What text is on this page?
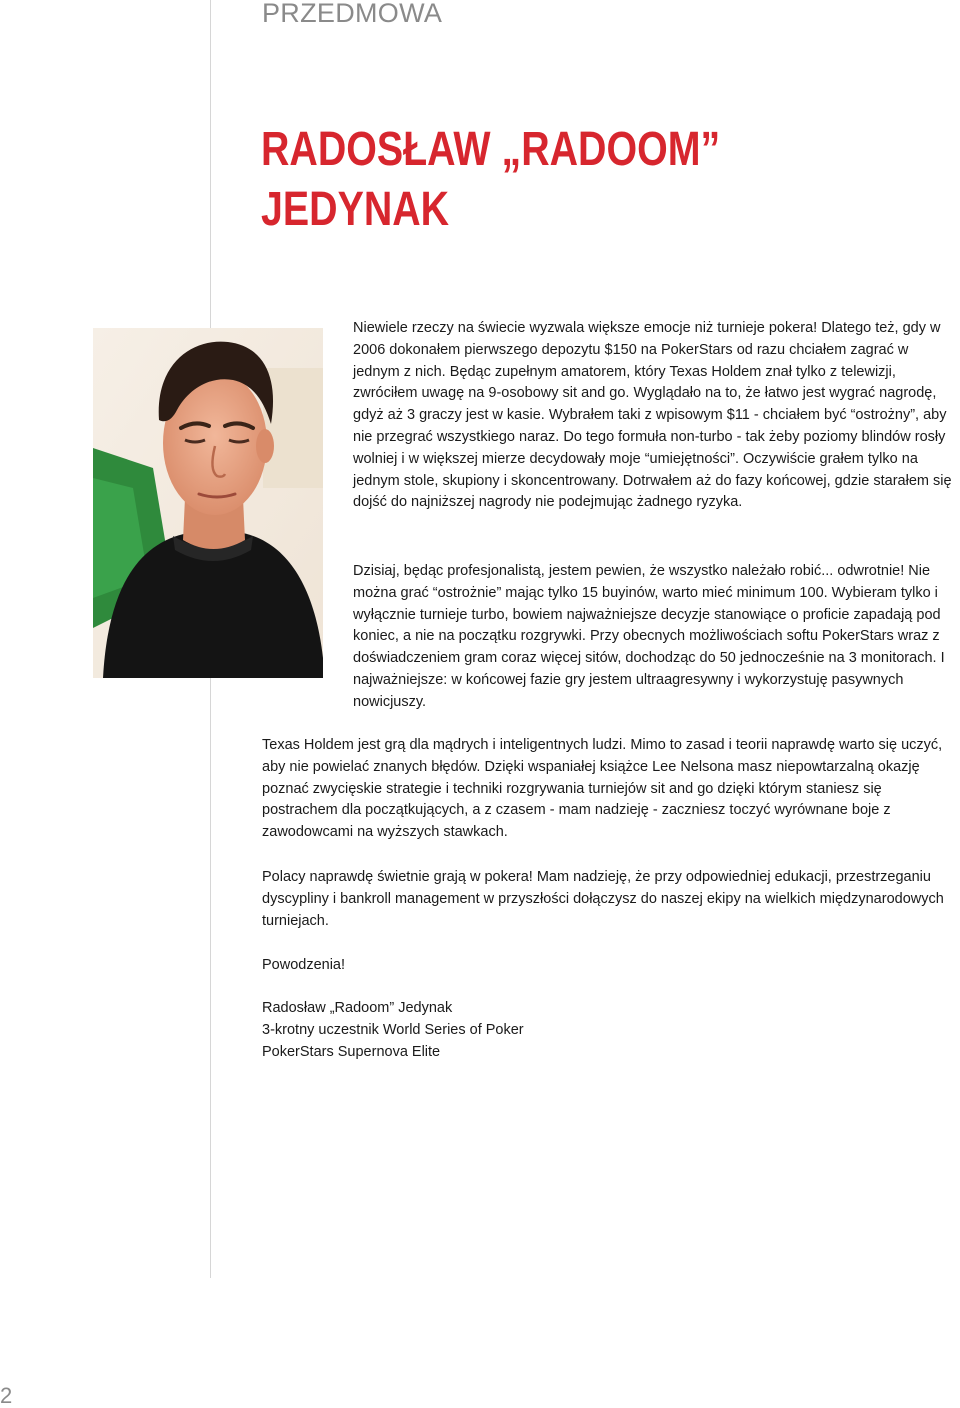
PRZEDMOWA
RADOSŁAW „RADOOM”
JEDYNAK
Niewiele rzeczy na świecie wyzwala większe emocje niż turnieje pokera! Dlatego też, gdy w 2006 dokonałem pierwszego depozytu $150 na PokerStars od razu chciałem zagrać w jednym z nich. Będąc zupełnym amatorem, który Texas Holdem znał tylko z telewizji, zwróciłem uwagę na 9-osobowy sit and go. Wyglądało na to, że łatwo jest wygrać nagrodę, gdyż aż 3 graczy jest w kasie. Wybrałem taki z wpisowym $11 - chciałem być “ostrożny”, aby nie przegrać wszystkiego naraz. Do tego formuła non-turbo - tak żeby poziomy blindów rosły wolniej i w większej mierze decydowały moje “umiejętności”. Oczywiście grałem tylko na jednym stole, skupiony i skoncentrowany. Dotrwałem aż do fazy końcowej, gdzie starałem się dojść do najniższej nagrody nie podejmując żadnego ryzyka.
Dzisiaj, będąc profesjonalistą, jestem pewien, że wszystko należało robić... odwrotnie! Nie można grać “ostrożnie” mając tylko 15 buyinów, warto mieć minimum 100. Wybieram tylko i wyłącznie turnieje turbo, bowiem najważniejsze decyzje stanowiące o proficie zapadają pod koniec, a nie na początku rozgrywki. Przy obecnych możliwościach softu PokerStars wraz z doświadczeniem gram coraz więcej sitów, dochodząc do 50 jednocześnie na 3 monitorach. I najważniejsze: w końcowej fazie gry jestem ultraagresywny i wykorzystuję pasywnych nowicjuszy.
Texas Holdem jest grą dla mądrych i inteligentnych ludzi. Mimo to zasad i teorii naprawdę warto się uczyć, aby nie powielać znanych błędów. Dzięki wspaniałej książce Lee Nelsona masz niepowtarzalną okazję poznać zwycięskie strategie i techniki rozgrywania turniejów sit and go dzięki którym staniesz się postrachem dla początkujących, a z czasem - mam nadzieję - zaczniesz toczyć wyrównane boje z zawodowcami na wyższych stawkach.
Polacy naprawdę świetnie grają w pokera! Mam nadzieję, że przy odpowiedniej edukacji, przestrzeganiu dyscypliny i bankroll management w przyszłości dołączysz do naszej ekipy na wielkich międzynarodowych turniejach.
Powodzenia!
Radosław „Radoom” Jedynak
3-krotny uczestnik World Series of Poker
PokerStars Supernova Elite
2
